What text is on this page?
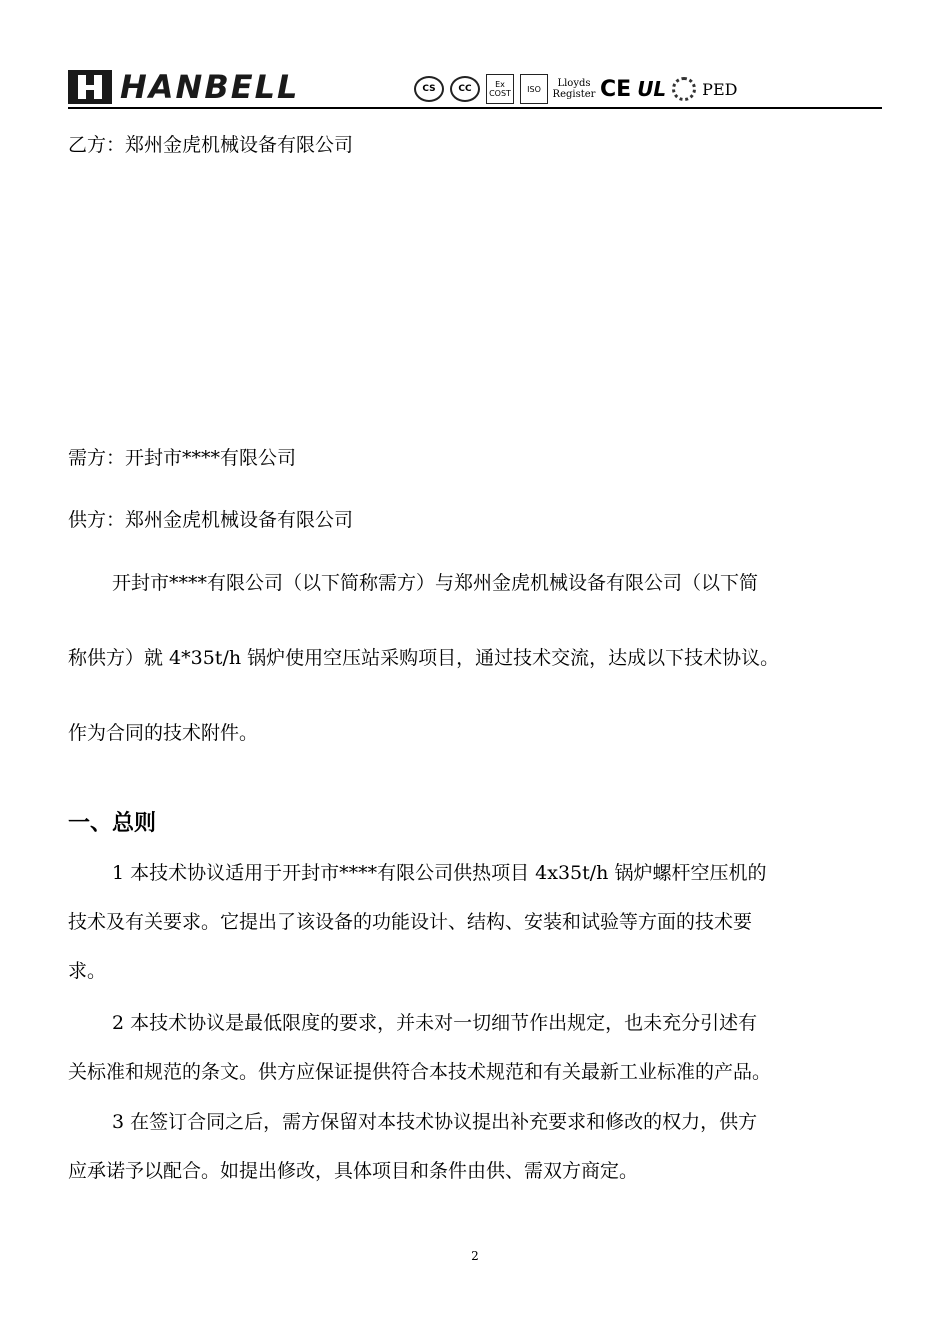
HANBELL	CS	CC	Ex
COST	ISO	Lloyds
Register CE UL PED
乙方：郑州金虎机械设备有限公司
需方：开封市****有限公司
供方：郑州金虎机械设备有限公司
开封市****有限公司（以下简称需方）与郑州金虎机械设备有限公司（以下简
称供方）就 4*35t/h 锅炉使用空压站采购项目，通过技术交流，达成以下技术协议。
作为合同的技术附件。
一、总则
1 本技术协议适用于开封市****有限公司供热项目 4x35t/h 锅炉螺杆空压机的
技术及有关要求。它提出了该设备的功能设计、结构、安装和试验等方面的技术要
求。
2 本技术协议是最低限度的要求，并未对一切细节作出规定，也未充分引述有
关标准和规范的条文。供方应保证提供符合本技术规范和有关最新工业标准的产品。
3 在签订合同之后，需方保留对本技术协议提出补充要求和修改的权力，供方
应承诺予以配合。如提出修改，具体项目和条件由供、需双方商定。
2
